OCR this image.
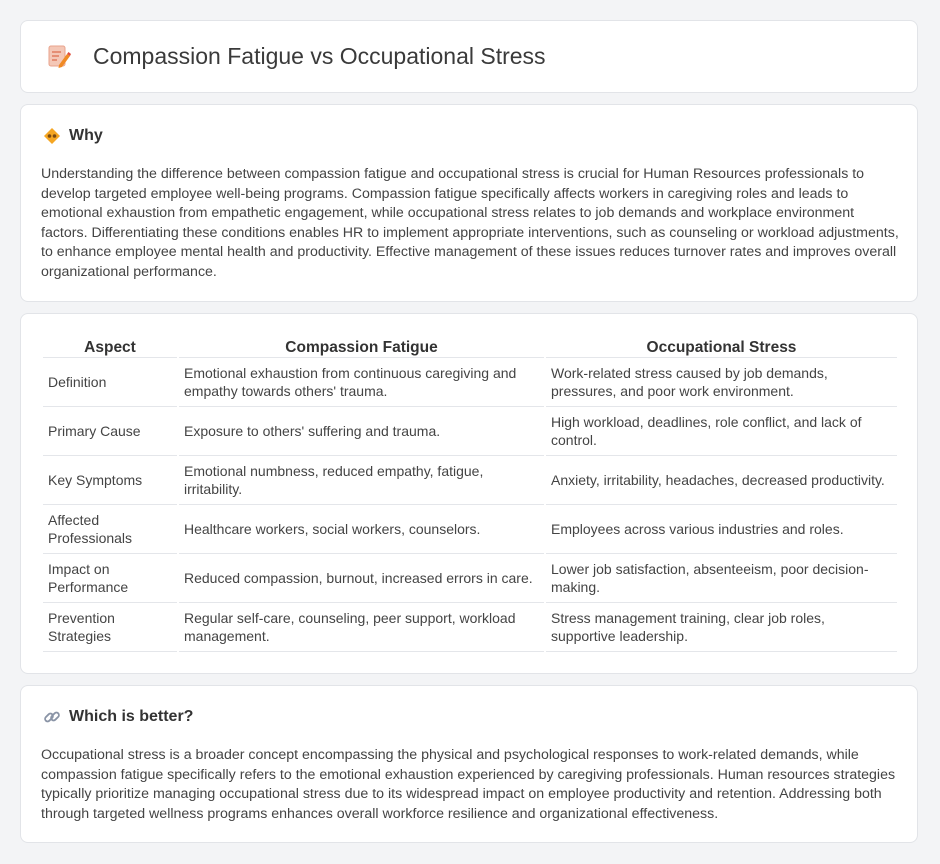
Compassion Fatigue vs Occupational Stress
Why

Understanding the difference between compassion fatigue and occupational stress is crucial for Human Resources professionals to develop targeted employee well-being programs. Compassion fatigue specifically affects workers in caregiving roles and leads to emotional exhaustion from empathetic engagement, while occupational stress relates to job demands and workplace environment factors. Differentiating these conditions enables HR to implement appropriate interventions, such as counseling or workload adjustments, to enhance employee mental health and productivity. Effective management of these issues reduces turnover rates and improves overall organizational performance.

Aspect	Compassion Fatigue	Occupational Stress
Definition	Emotional exhaustion from continuous caregiving and empathy towards others' trauma.	Work-related stress caused by job demands, pressures, and poor work environment.
Primary Cause	Exposure to others' suffering and trauma.	High workload, deadlines, role conflict, and lack of control.
Key Symptoms	Emotional numbness, reduced empathy, fatigue, irritability.	Anxiety, irritability, headaches, decreased productivity.
Affected Professionals	Healthcare workers, social workers, counselors.	Employees across various industries and roles.
Impact on Performance	Reduced compassion, burnout, increased errors in care.	Lower job satisfaction, absenteeism, poor decision-making.
Prevention Strategies	Regular self-care, counseling, peer support, workload management.	Stress management training, clear job roles, supportive leadership.
Which is better?

Occupational stress is a broader concept encompassing the physical and psychological responses to work-related demands, while compassion fatigue specifically refers to the emotional exhaustion experienced by caregiving professionals. Human resources strategies typically prioritize managing occupational stress due to its widespread impact on employee productivity and retention. Addressing both through targeted wellness programs enhances overall workforce resilience and organizational effectiveness.
